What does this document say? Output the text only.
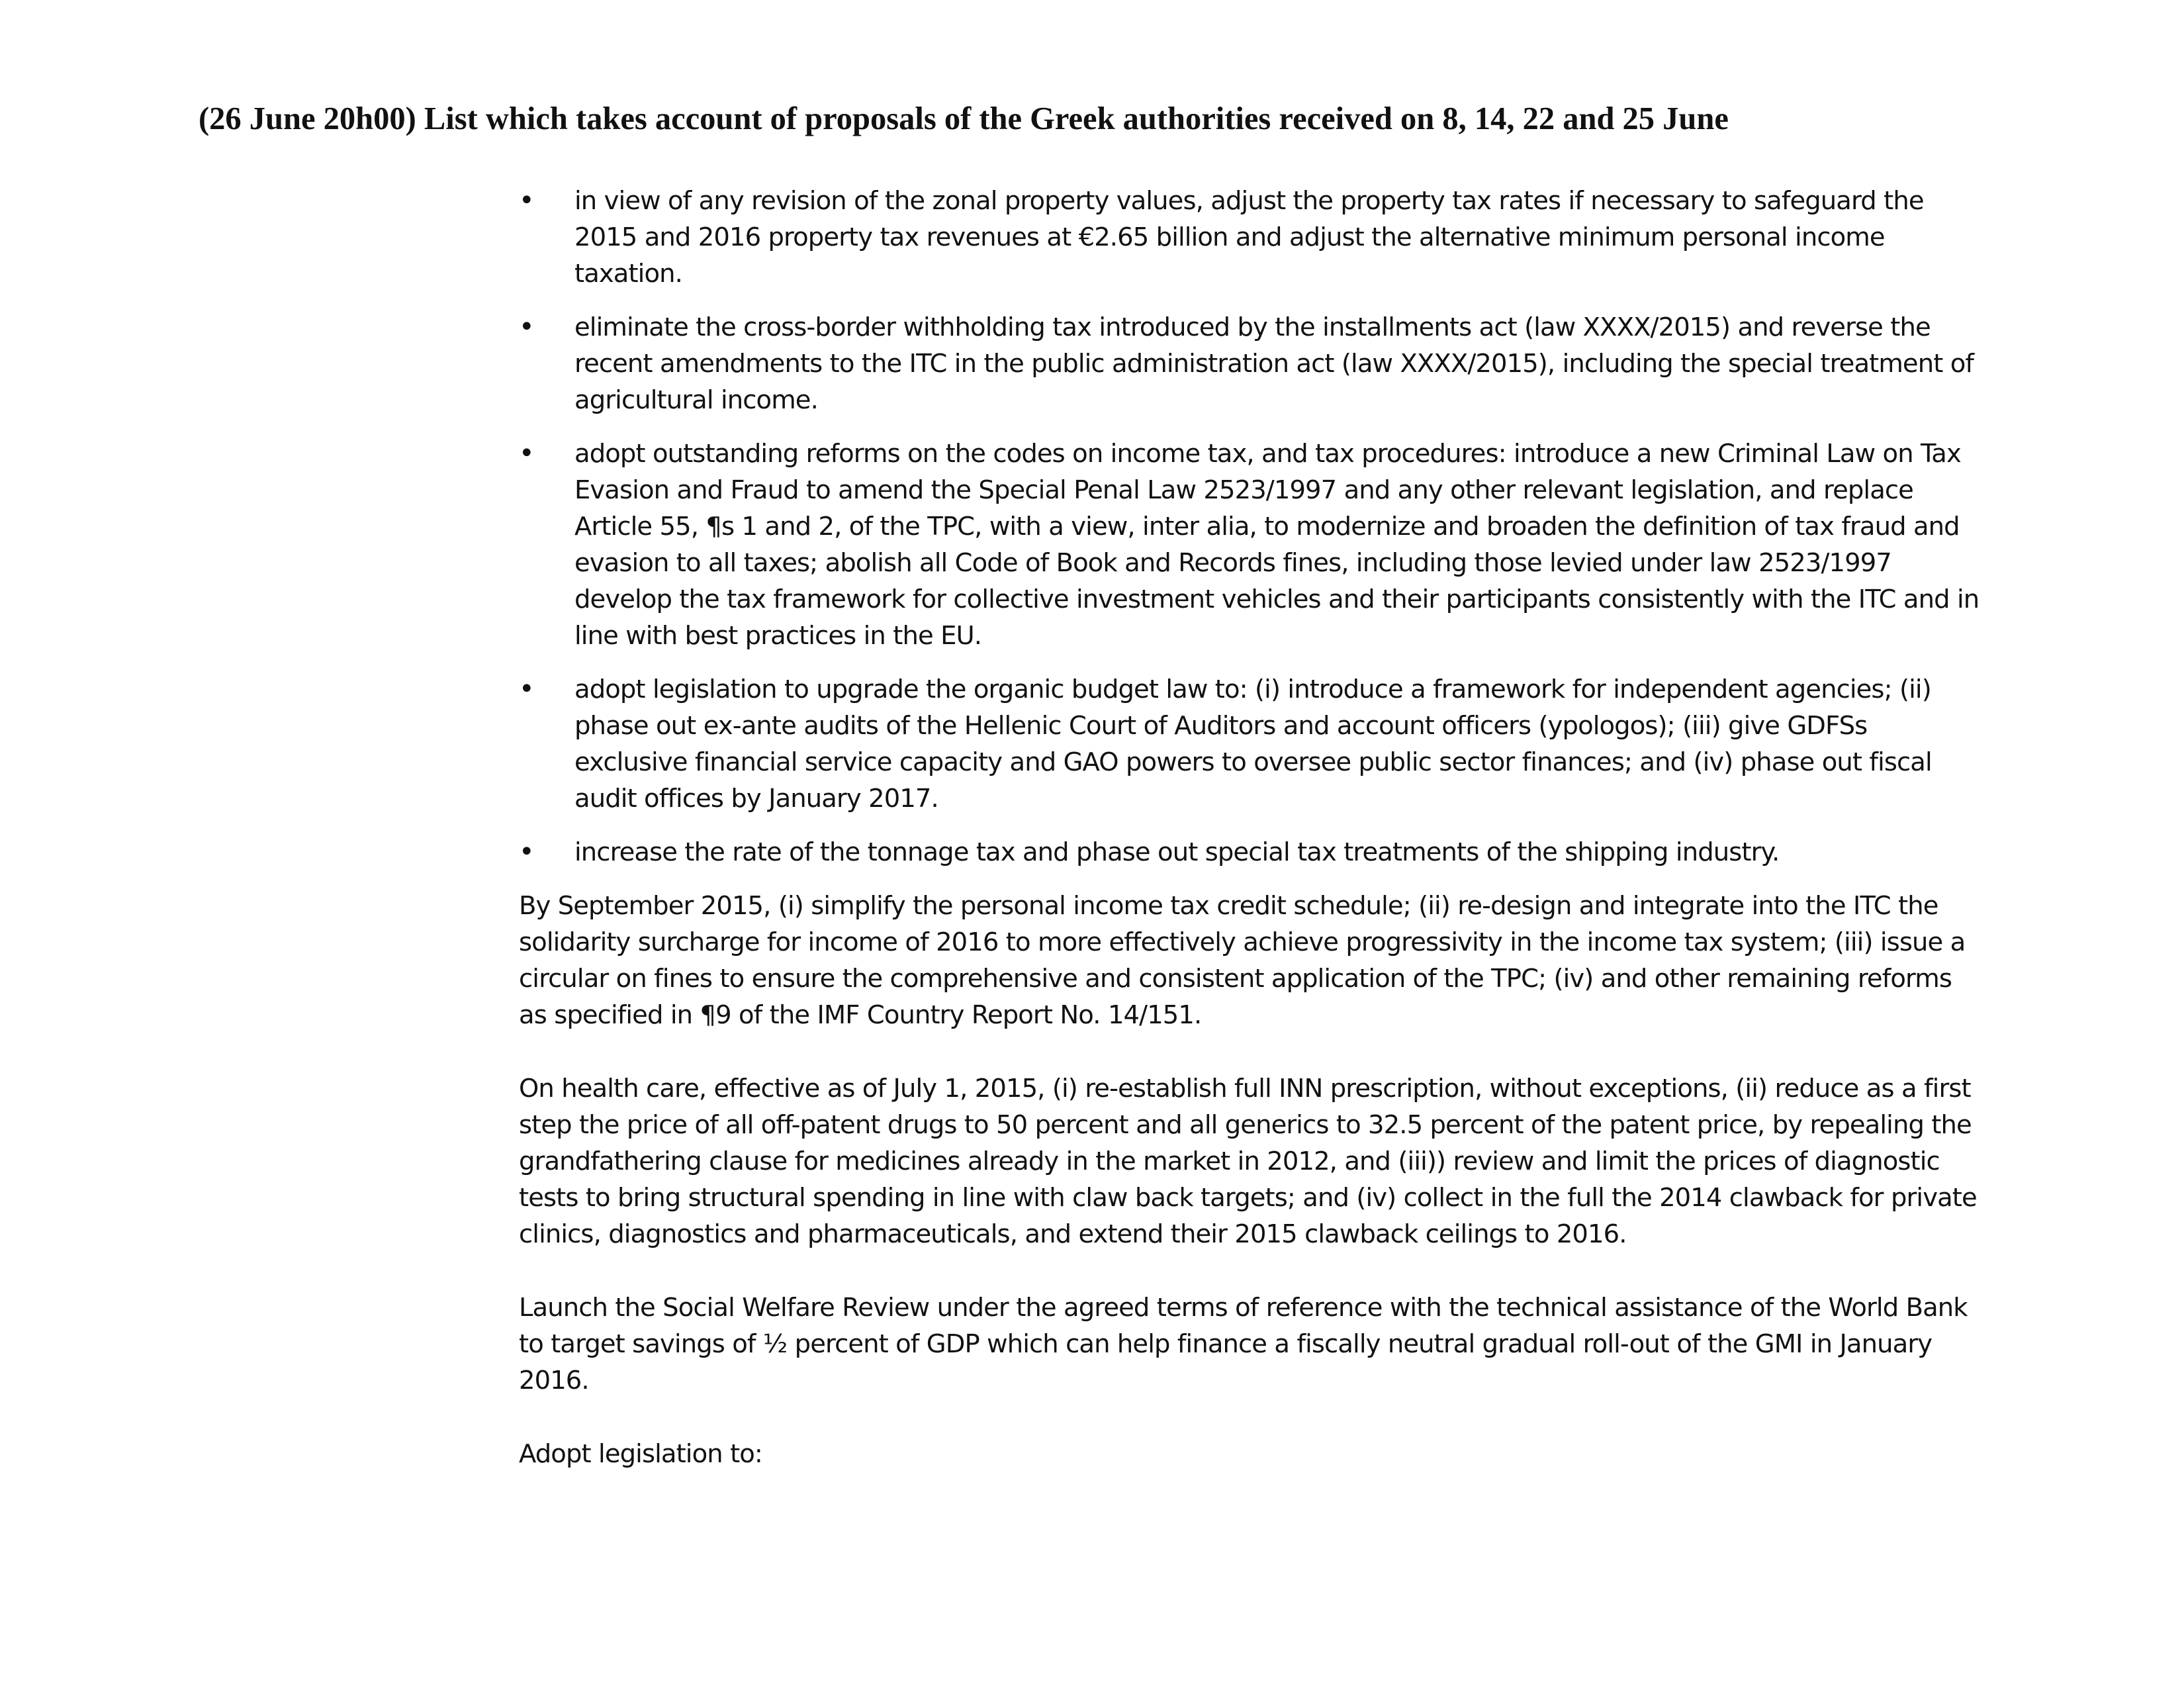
(26 June 20h00) List which takes account of proposals of the Greek authorities received on 8, 14, 22 and 25 June
• in view of any revision of the zonal property values, adjust the property tax rates if necessary to safeguard the 2015 and 2016 property tax revenues at €2.65 billion and adjust the alternative minimum personal income taxation.
• eliminate the cross-border withholding tax introduced by the installments act (law XXXX/2015) and reverse the recent amendments to the ITC in the public administration act (law XXXX/2015), including the special treatment of agricultural income.
• adopt outstanding reforms on the codes on income tax, and tax procedures: introduce a new Criminal Law on Tax Evasion and Fraud to amend the Special Penal Law 2523/1997 and any other relevant legislation, and replace Article 55, ¶s 1 and 2, of the TPC, with a view, inter alia, to modernize and broaden the definition of tax fraud and evasion to all taxes; abolish all Code of Book and Records fines, including those levied under law 2523/1997 develop the tax framework for collective investment vehicles and their participants consistently with the ITC and in line with best practices in the EU.
• adopt legislation to upgrade the organic budget law to: (i) introduce a framework for independent agencies; (ii) phase out ex-ante audits of the Hellenic Court of Auditors and account officers (ypologos); (iii) give GDFSs exclusive financial service capacity and GAO powers to oversee public sector finances; and (iv) phase out fiscal audit offices by January 2017.
• increase the rate of the tonnage tax and phase out special tax treatments of the shipping industry.

By September 2015, (i) simplify the personal income tax credit schedule; (ii) re-design and integrate into the ITC the solidarity surcharge for income of 2016 to more effectively achieve progressivity in the income tax system; (iii) issue a circular on fines to ensure the comprehensive and consistent application of the TPC; (iv) and other remaining reforms as specified in ¶9 of the IMF Country Report No. 14/151.

On health care, effective as of July 1, 2015, (i) re-establish full INN prescription, without exceptions, (ii) reduce as a first step the price of all off-patent drugs to 50 percent and all generics to 32.5 percent of the patent price, by repealing the grandfathering clause for medicines already in the market in 2012, and (iii)) review and limit the prices of diagnostic tests to bring structural spending in line with claw back targets; and (iv) collect in the full the 2014 clawback for private clinics, diagnostics and pharmaceuticals, and extend their 2015 clawback ceilings to 2016.

Launch the Social Welfare Review under the agreed terms of reference with the technical assistance of the World Bank to target savings of ½ percent of GDP which can help finance a fiscally neutral gradual roll-out of the GMI in January 2016.

Adopt legislation to:
